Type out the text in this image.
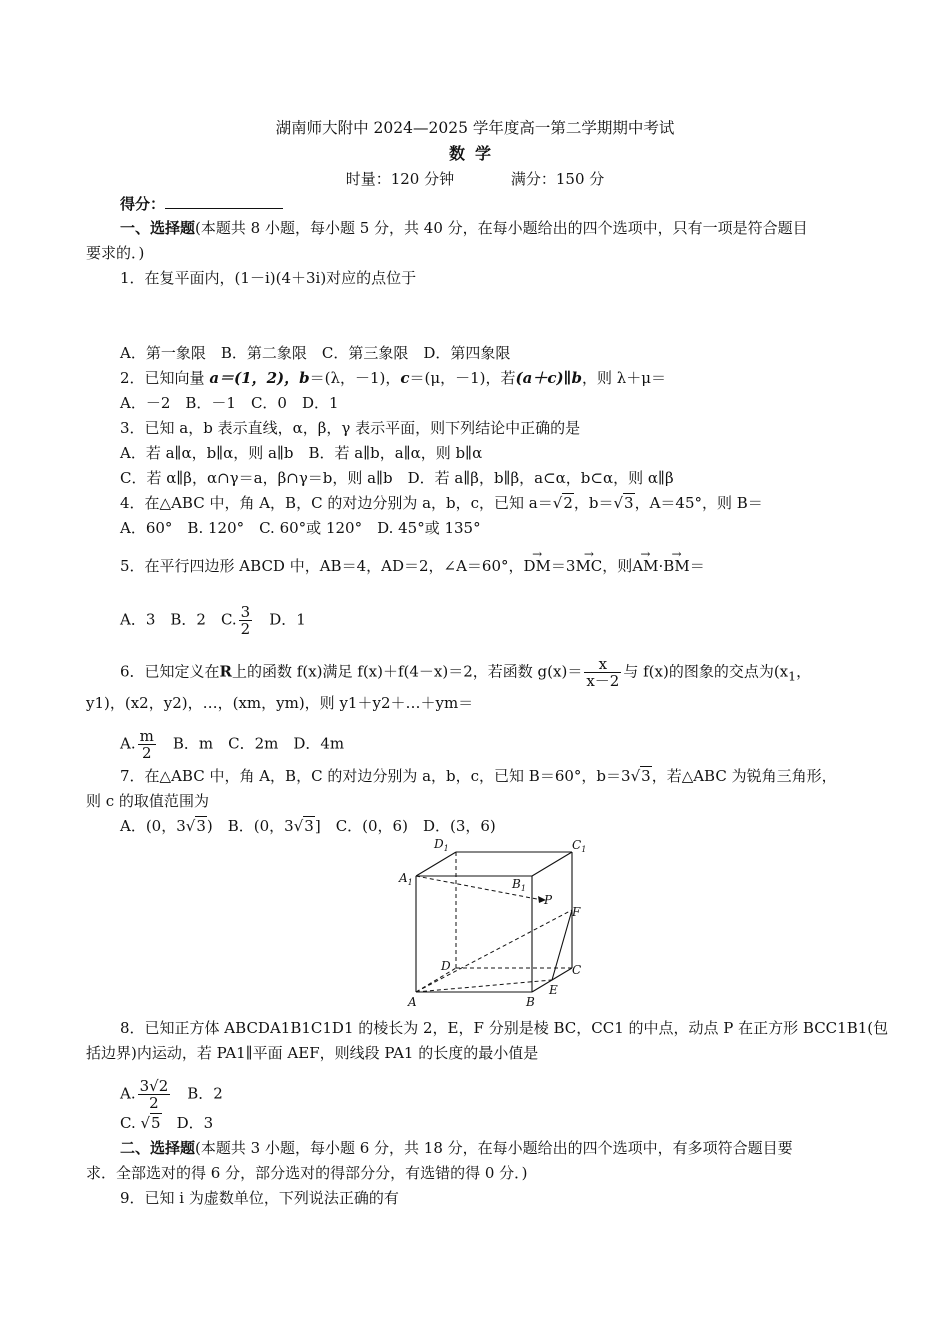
湖南师大附中 2024—2025 学年度高一第二学期期中考试
数学
时量：120 分钟	满分：150 分
得分：
一、选择题(本题共 8 小题，每小题 5 分，共 40 分，在每小题给出的四个选项中，只有一项是符合题目
要求的．)
1．在复平面内，(1－i)(4＋3i)对应的点位于
A．第一象限　B．第二象限　C．第三象限　D．第四象限
2．已知向量 a＝(1，2)，b＝(λ，－1)，c＝(μ，－1)，若(a＋c)∥b，则 λ＋μ＝
A．－2　B．－1　C．0　D．1
3．已知 a，b 表示直线，α，β，γ 表示平面，则下列结论中正确的是
A．若 a∥α，b∥α，则 a∥b　B．若 a∥b，a∥α，则 b∥α
C．若 α∥β，α∩γ＝a，β∩γ＝b，则 a∥b　D．若 a∥β，b∥β，a⊂α，b⊂α，则 α∥β
4．在△ABC 中，角 A，B，C 的对边分别为 a，b，c，已知 a＝√2，b＝√3，A＝45°，则 B＝
A．60°　B. 120°　C. 60°或 120°　D. 45°或 135°
5．在平行四边形 ABCD 中，AB＝4，AD＝2，∠A＝60°，→ DM＝3→ MC，则→ AM·→ BM＝
A．3　B．2　C. $\frac{3}{2}$ 　D．1
6．已知定义在R上的函数 f(x)满足 f(x)＋f(4－x)＝2，若函数 $g(x)= \frac{x}{x-2}$ 与 f(x)的图象的交点为($x_1$，
y1)，(x2，y2)，…，(xm，ym)，则 y1＋y2＋…＋ym＝
A. $\frac{m}{2}$ 　B．m　C．2m　D．4m
7．在△ABC 中，角 A，B，C 的对边分别为 a，b，c，已知 B＝60°，b＝3√3，若△ABC 为锐角三角形，
则 c 的取值范围为
A．(0，3√3)　B．(0，3√3]　C．(0，6)　D．(3，6)
$D_1$	$C_1$
$A_1$	$B_1$
P
F
D	C
A
E
B
8．已知正方体 ABCDA1B1C1D1 的棱长为 2，E，F 分别是棱 BC，CC1 的中点，动点 P 在正方形 BCC1B1(包
括边界)内运动，若 PA1∥平面 AEF，则线段 PA1 的长度的最小值是
A. $\frac{3√2}{2}$ 　B．2
C. √5　D．3
二、选择题(本题共 3 小题，每小题 6 分，共 18 分，在每小题给出的四个选项中，有多项符合题目要
求．全部选对的得 6 分，部分选对的得部分分，有选错的得 0 分．)
9．已知 i 为虚数单位，下列说法正确的有
